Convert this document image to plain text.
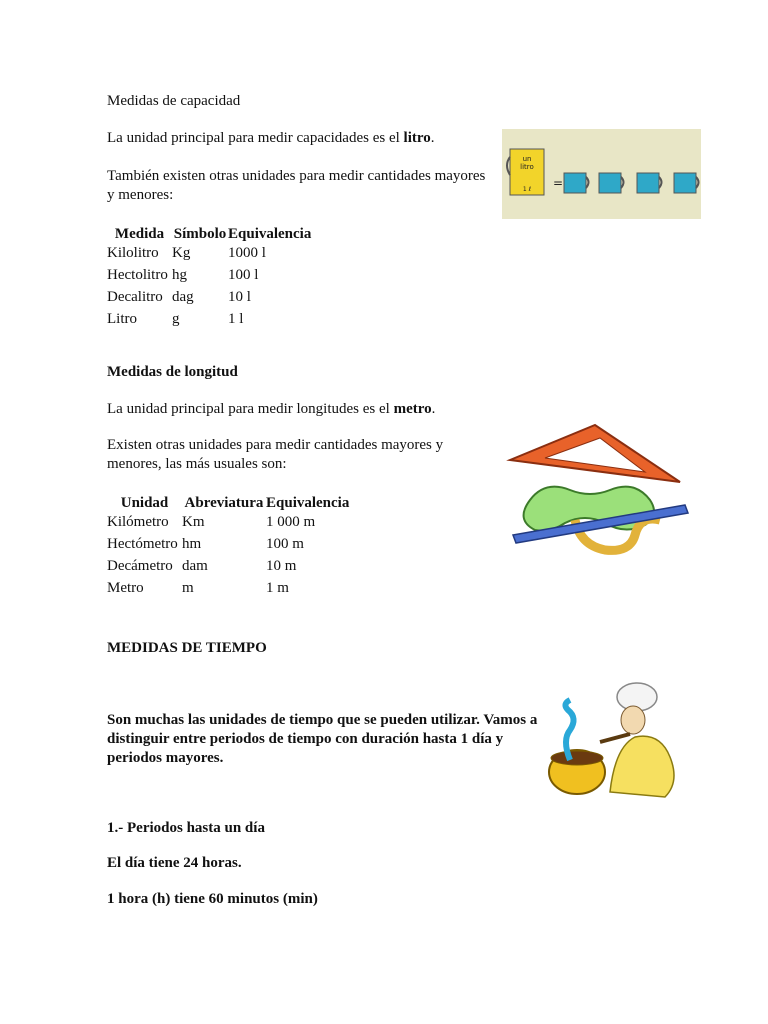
Medidas de capacidad
La unidad principal para medir capacidades es el litro.
También existen otras unidades para medir cantidades mayores
y menores:
un
litro
1 ℓ =
Medida	Símbolo	Equivalencia
Kilolitro	Kg	1000 l
Hectolitro	hg	100 l
Decalitro	dag	10 l
Litro	g	1 l
Medidas de longitud
La unidad principal para medir longitudes es el metro.
Existen otras unidades para medir cantidades mayores y
menores, las más usuales son:
Unidad	Abreviatura	Equivalencia
Kilómetro	Km	1 000 m
Hectómetro	hm	100 m
Decámetro	dam	10 m
Metro	m	1 m
MEDIDAS DE TIEMPO
Son muchas las unidades de tiempo que se pueden utilizar. Vamos a
distinguir entre periodos de tiempo con duración hasta 1 día y
periodos mayores.
1.- Periodos hasta un día
El día tiene 24 horas.
1 hora (h) tiene 60 minutos (min)
